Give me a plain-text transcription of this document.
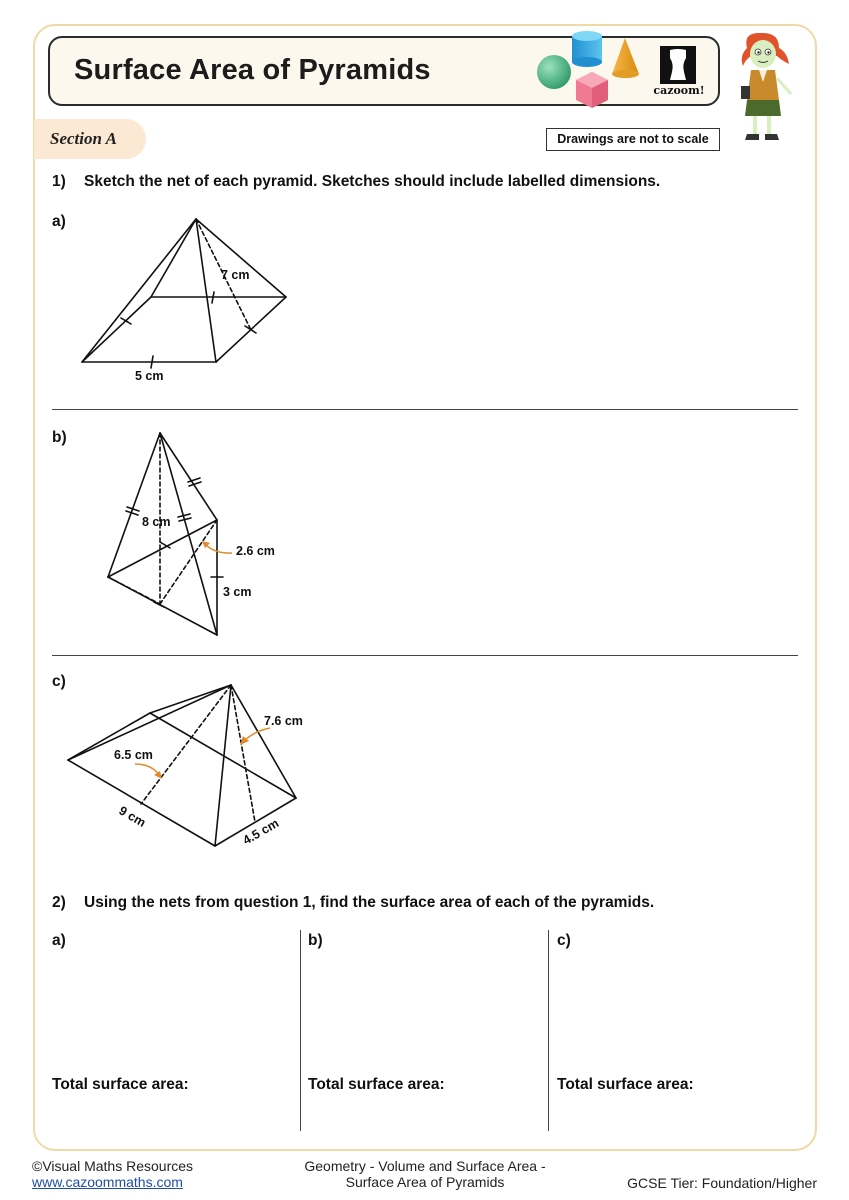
Surface Area of Pyramids
cazoom!
Section A	Drawings are not to scale
1) Sketch the net of each pyramid. Sketches should include labelled dimensions.
a)
7 cm
5 cm
b)
8 cm
2.6 cm
3 cm
c)
7.6 cm
6.5 cm
9 cm	4.5 cm
2) Using the nets from question 1, find the surface area of each of the pyramids.
a)	b)	c)
Total surface area:	Total surface area:	Total surface area:
©Visual Maths Resources
www.cazoommaths.com
Geometry - Volume and Surface Area -
Surface Area of Pyramids	GCSE Tier: Foundation/Higher
